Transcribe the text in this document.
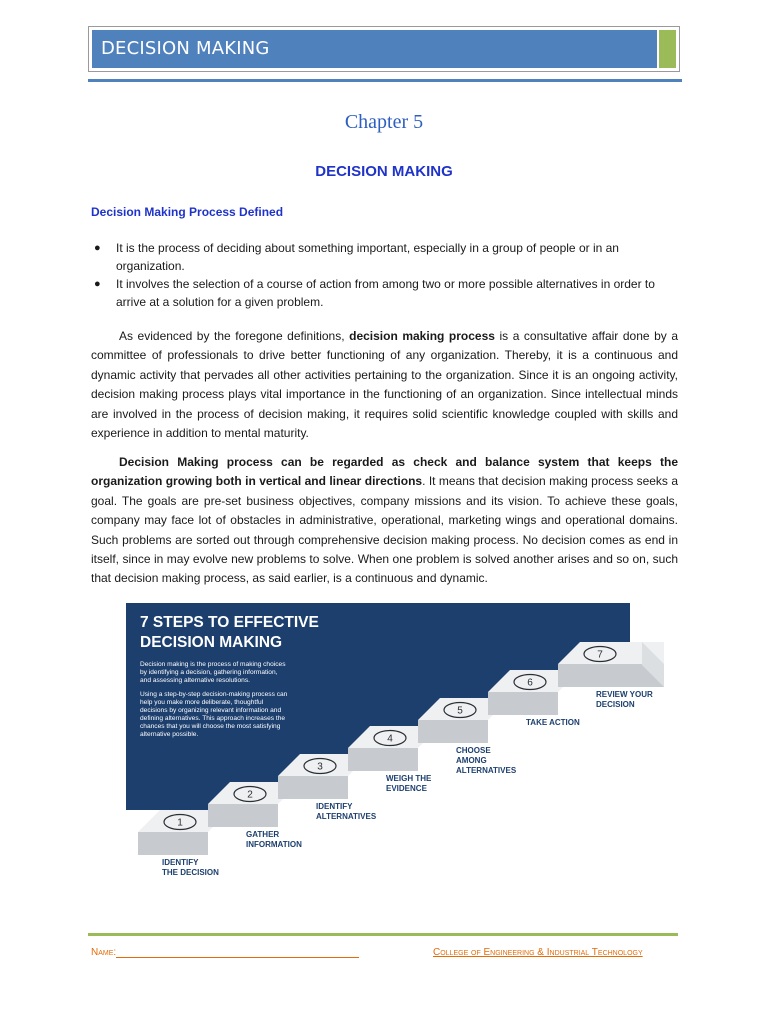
DECISION MAKING
Chapter 5
DECISION MAKING
Decision Making Process Defined
● It is the process of deciding about something important, especially in a group of people or in an organization.
● It involves the selection of a course of action from among two or more possible alternatives in order to arrive at a solution for a given problem.

As evidenced by the foregone definitions, decision making process is a consultative affair done by a committee of professionals to drive better functioning of any organization. Thereby, it is a continuous and dynamic activity that pervades all other activities pertaining to the organization. Since it is an ongoing activity, decision making process plays vital importance in the functioning of an organization. Since intellectual minds are involved in the process of decision making, it requires solid scientific knowledge coupled with skills and experience in addition to mental maturity.

Decision Making process can be regarded as check and balance system that keeps the organization growing both in vertical and linear directions. It means that decision making process seeks a goal. The goals are pre-set business objectives, company missions and its vision. To achieve these goals, company may face lot of obstacles in administrative, operational, marketing wings and operational domains. Such problems are sorted out through comprehensive decision making process. No decision comes as end in itself, since in may evolve new problems to solve. When one problem is solved another arises and so on, such that decision making process, as said earlier, is a continuous and dynamic.

1
IDENTIFY
THE DECISION
2
GATHER
INFORMATION
3
IDENTIFY
ALTERNATIVES
4
WEIGH THE
EVIDENCE
5
CHOOSE
AMONG
ALTERNATIVES
6
TAKE ACTION
7
REVIEW YOUR
DECISION
7 STEPS TO EFFECTIVE
DECISION MAKING
Decision making is the process of making choices
by identifying a decision, gathering information,
and assessing alternative resolutions.
Using a step-by-step decision-making process can
help you make more deliberate, thoughtful
decisions by organizing relevant information and
defining alternatives. This approach increases the
chances that you will choose the most satisfying
alternative possible.
Name:	College of Engineering & Industrial Technology
